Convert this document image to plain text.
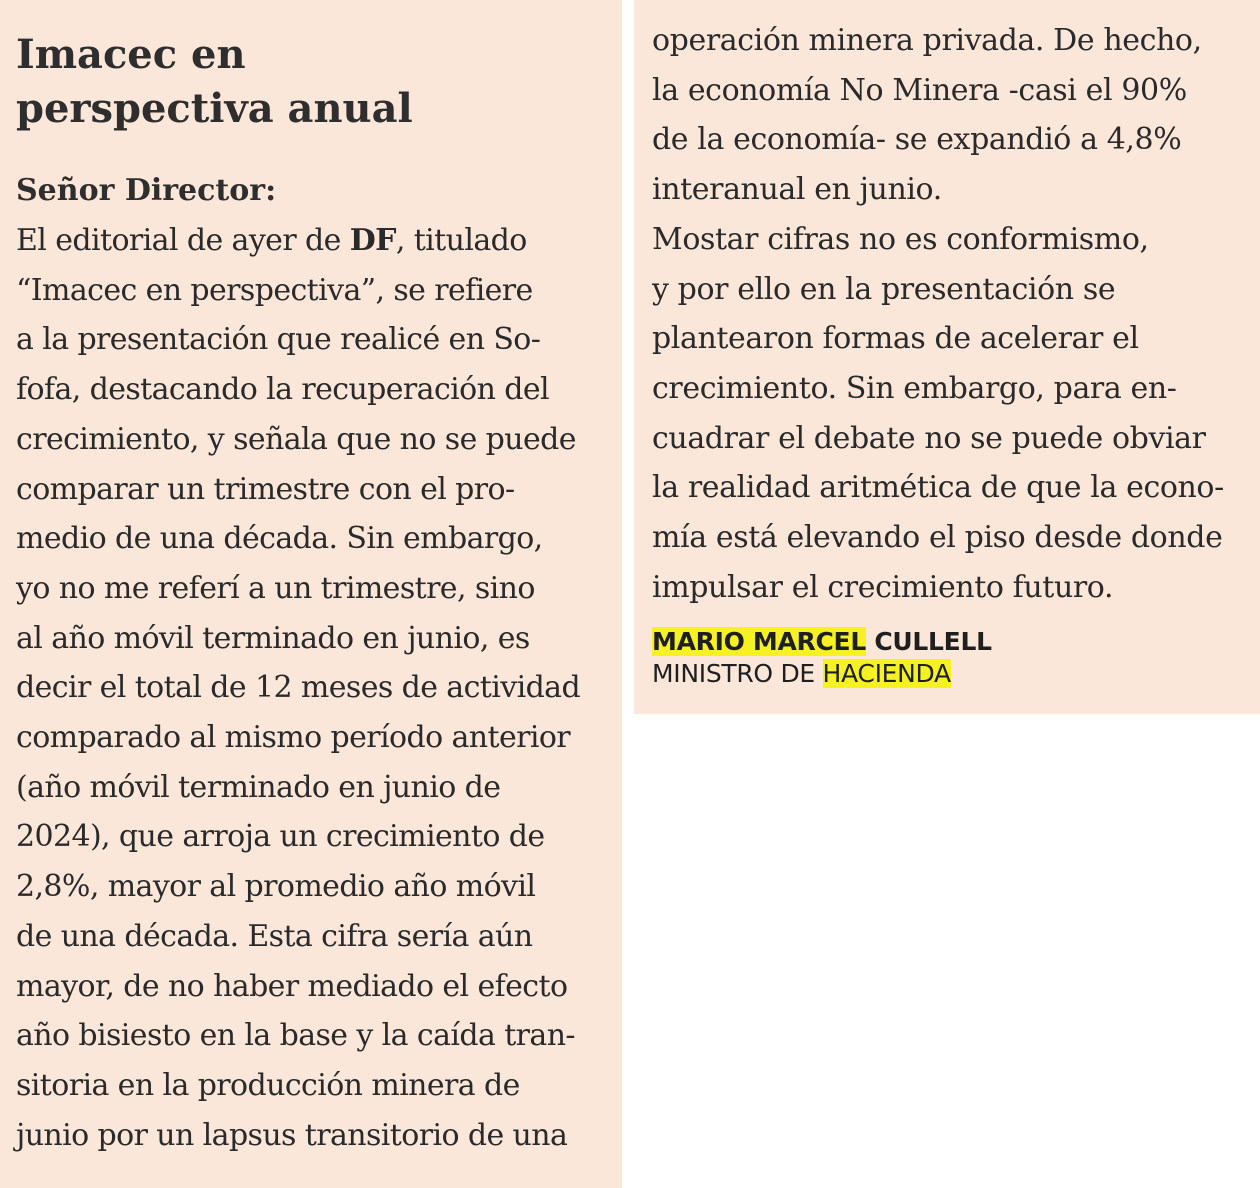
Imacec en
perspectiva anual
Señor Director:
El editorial de ayer de DF, titulado
“Imacec en perspectiva”, se refiere
a la presentación que realicé en So-
fofa, destacando la recuperación del
crecimiento, y señala que no se puede
comparar un trimestre con el pro-
medio de una década. Sin embargo,
yo no me referí a un trimestre, sino
al año móvil terminado en junio, es
decir el total de 12 meses de actividad
comparado al mismo período anterior
(año móvil terminado en junio de
2024), que arroja un crecimiento de
2,8%, mayor al promedio año móvil
de una década. Esta cifra sería aún
mayor, de no haber mediado el efecto
año bisiesto en la base y la caída tran-
sitoria en la producción minera de
junio por un lapsus transitorio de una
operación minera privada. De hecho,
la economía No Minera -casi el 90%
de la economía- se expandió a 4,8%
interanual en junio.
Mostar cifras no es conformismo,
y por ello en la presentación se
plantearon formas de acelerar el
crecimiento. Sin embargo, para en-
cuadrar el debate no se puede obviar
la realidad aritmética de que la econo-
mía está elevando el piso desde donde
impulsar el crecimiento futuro.
MARIO MARCEL CULLELL
MINISTRO DE HACIENDA
